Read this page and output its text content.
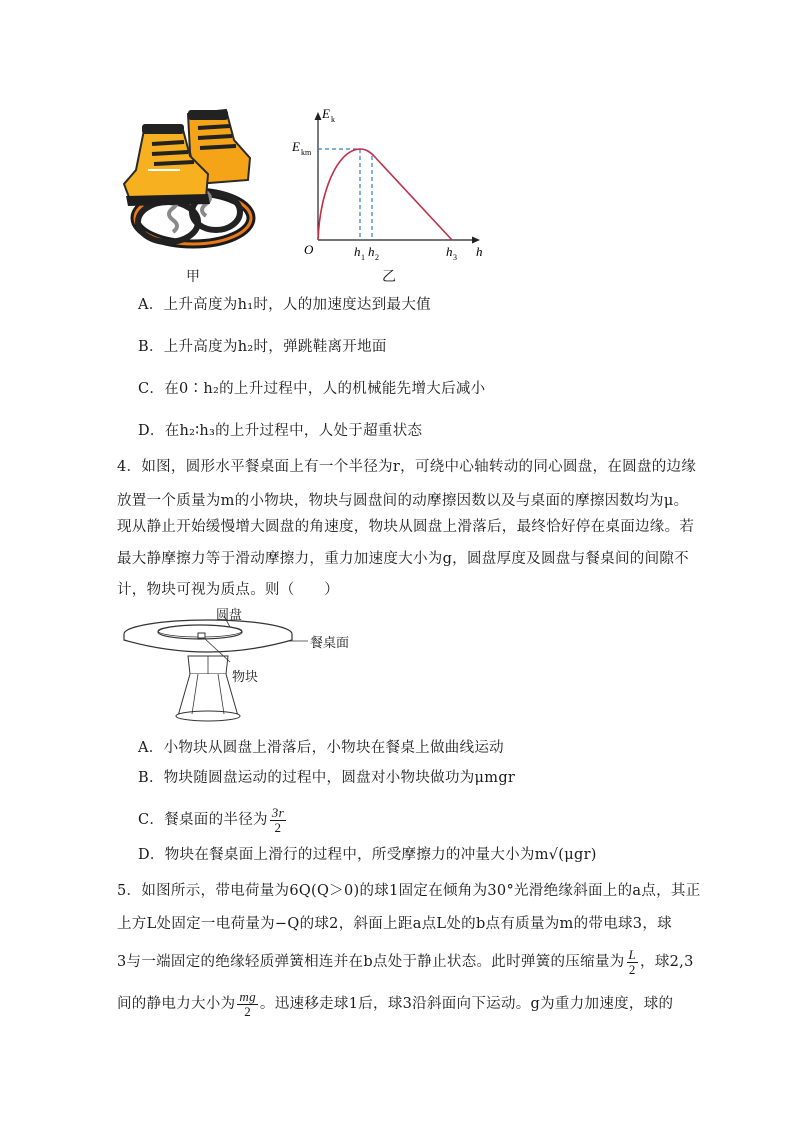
甲
E k
E km
O	h 1 h 2	h 3 h
乙
A．上升高度为h₁时，人的加速度达到最大值
B．上升高度为h₂时，弹跳鞋离开地面
C．在0∶h₂的上升过程中，人的机械能先增大后减小
D．在h₂∶h₃的上升过程中，人处于超重状态
4．如图，圆形水平餐桌面上有一个半径为r，可绕中心轴转动的同心圆盘，在圆盘的边缘
放置一个质量为m的小物块，物块与圆盘间的动摩擦因数以及与桌面的摩擦因数均为μ。
现从静止开始缓慢增大圆盘的角速度，物块从圆盘上滑落后，最终恰好停在桌面边缘。若
最大静摩擦力等于滑动摩擦力，重力加速度大小为g，圆盘厚度及圆盘与餐桌间的间隙不
计，物块可视为质点。则（　　）
圆盘
餐桌面
物块
A．小物块从圆盘上滑落后，小物块在餐桌上做曲线运动
B．物块随圆盘运动的过程中，圆盘对小物块做功为μmgr
C．餐桌面的半径为 $\frac{3r}{2}$
D．物块在餐桌面上滑行的过程中，所受摩擦力的冲量大小为m√(μgr)
5．如图所示，带电荷量为6Q(Q＞0)的球1固定在倾角为30°光滑绝缘斜面上的a点，其正
上方L处固定一电荷量为−Q的球2，斜面上距a点L处的b点有质量为m的带电球3，球
3与一端固定的绝缘轻质弹簧相连并在b点处于静止状态。此时弹簧的压缩量为 $\frac{L}{2}$ ，球2,3
间的静电力大小为 $\frac{mg}{2}$ 。迅速移走球1后，球3沿斜面向下运动。g为重力加速度，球的
